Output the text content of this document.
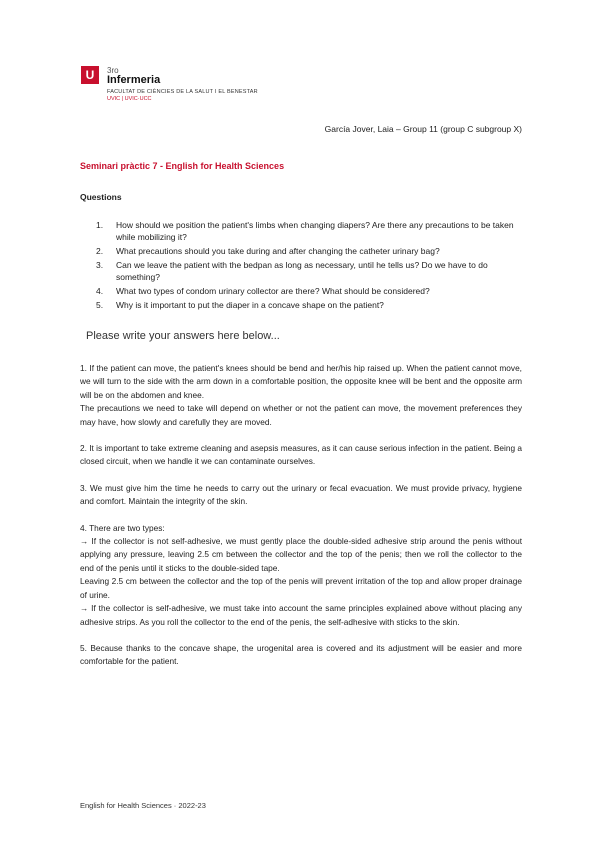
U	3ro
Infermeria
FACULTAT DE CIÈNCIES DE LA SALUT I EL BENESTAR
UVIC | UVIC·UCC
García Jover, Laia – Group 11 (group C subgroup X)
Seminari pràctic 7 - English for Health Sciences
Questions
1. How should we position the patient's limbs when changing diapers? Are there any precautions to be taken while mobilizing it?
2. What precautions should you take during and after changing the catheter urinary bag?
3. Can we leave the patient with the bedpan as long as necessary, until he tells us? Do we have to do something?
4. What two types of condom urinary collector are there? What should be considered?
5. Why is it important to put the diaper in a concave shape on the patient?
Please write your answers here below...

1. If the patient can move, the patient's knees should be bend and her/his hip raised up. When the patient cannot move, we will turn to the side with the arm down in a comfortable position, the opposite knee will be bent and the opposite arm will be on the abdomen and knee.

The precautions we need to take will depend on whether or not the patient can move, the movement preferences they may have, how slowly and carefully they are moved.

2. It is important to take extreme cleaning and asepsis measures, as it can cause serious infection in the patient. Being a closed circuit, when we handle it we can contaminate ourselves.

3. We must give him the time he needs to carry out the urinary or fecal evacuation. We must provide privacy, hygiene and comfort. Maintain the integrity of the skin.

4. There are two types:

→ If the collector is not self-adhesive, we must gently place the double-sided adhesive strip around the penis without applying any pressure, leaving 2.5 cm between the collector and the top of the penis; then we roll the collector to the end of the penis until it sticks to the double-sided tape.

Leaving 2.5 cm between the collector and the top of the penis will prevent irritation of the top and allow proper drainage of urine.

→ If the collector is self-adhesive, we must take into account the same principles explained above without placing any adhesive strips. As you roll the collector to the end of the penis, the self-adhesive with sticks to the skin.

5. Because thanks to the concave shape, the urogenital area is covered and its adjustment will be easier and more comfortable for the patient.

English for Health Sciences · 2022-23
